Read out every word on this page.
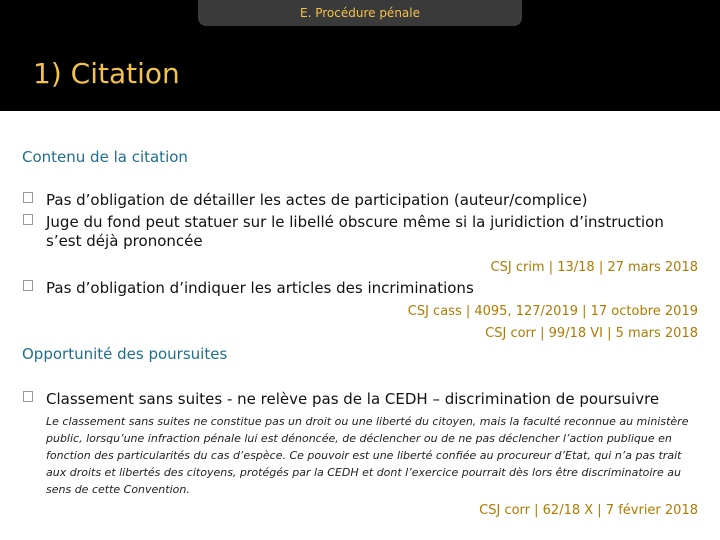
E. Procédure pénale
1) Citation
Contenu de la citation
Pas d’obligation de détailler les actes de participation (auteur/complice)
Juge du fond peut statuer sur le libellé obscure même si la juridiction d’instruction s’est déjà prononcée
CSJ crim | 13/18 | 27 mars 2018
Pas d’obligation d’indiquer les articles des incriminations
CSJ cass | 4095, 127/2019 | 17 octobre 2019
CSJ corr | 99/18 VI | 5 mars 2018
Opportunité des poursuites
Classement sans suites - ne relève pas de la CEDH – discrimination de poursuivre
Le classement sans suites ne constitue pas un droit ou une liberté du citoyen, mais la faculté reconnue au ministère public, lorsqu’une infraction pénale lui est dénoncée, de déclencher ou de ne pas déclencher l’action publique en fonction des particularités du cas d’espèce. Ce pouvoir est une liberté confiée au procureur d’Etat, qui n’a pas trait aux droits et libertés des citoyens, protégés par la CEDH et dont l’exercice pourrait dès lors être discriminatoire au sens de cette Convention.
CSJ corr | 62/18 X | 7 février 2018
